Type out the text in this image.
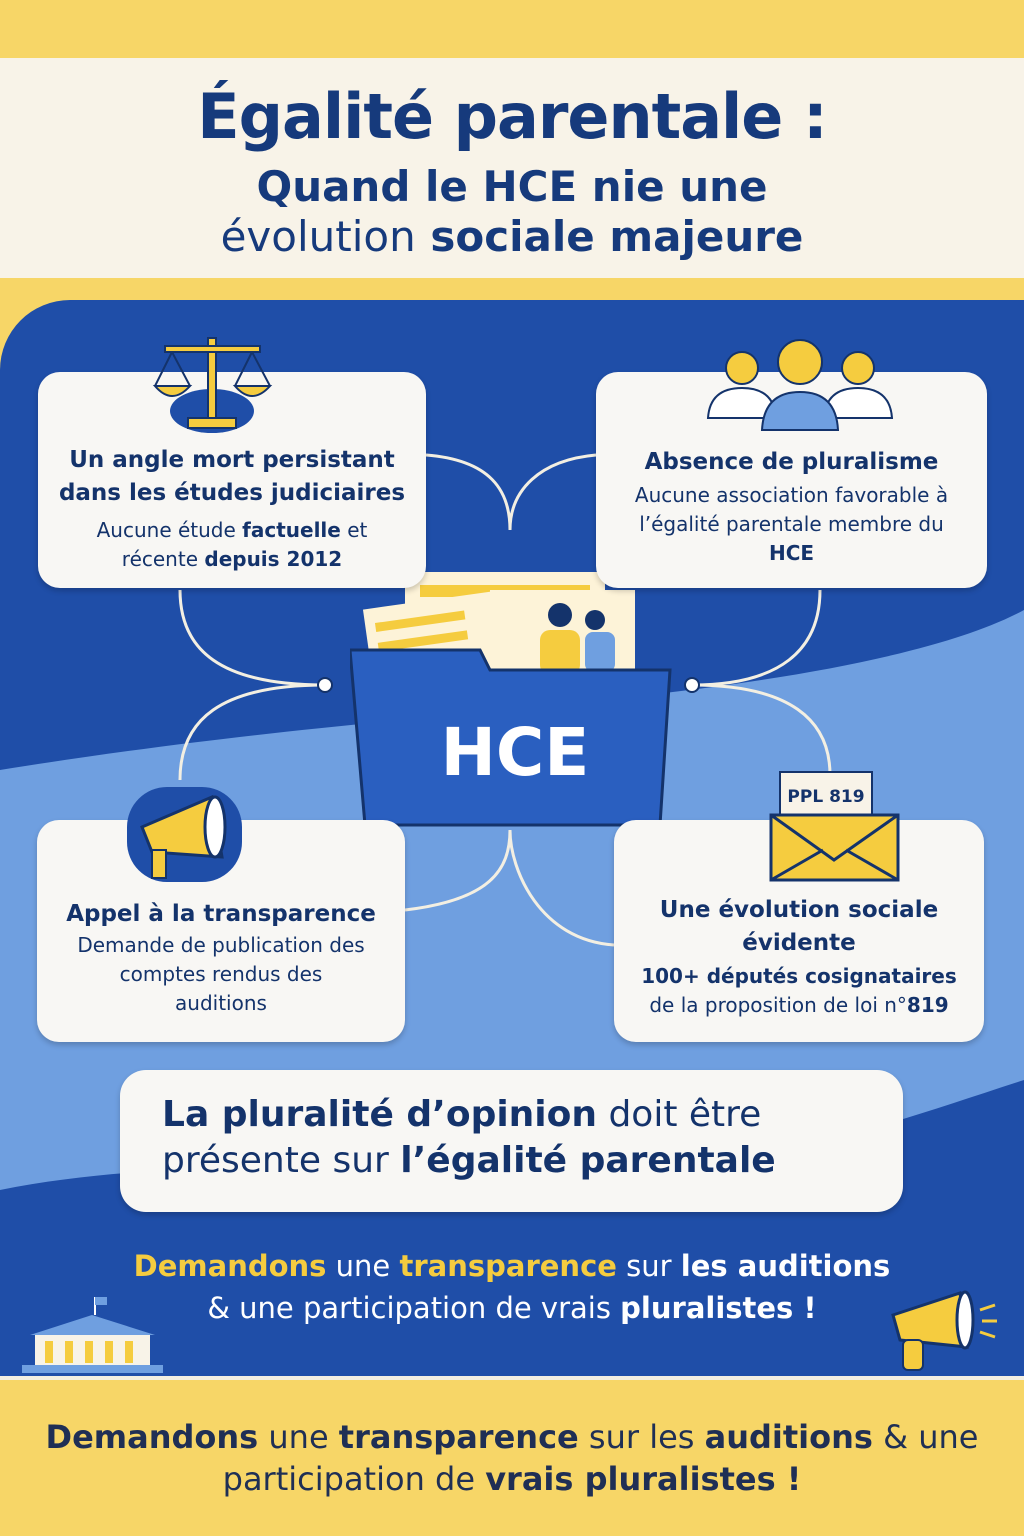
Égalité parentale :
Quand le HCE nie une
évolution sociale majeure
HCE
Un angle mort persistant dans les études judiciaires

Aucune étude factuelle et récente depuis 2012

Absence de pluralisme

Aucune association favorable à l’égalité parentale membre du HCE

Appel à la transparence

Demande de publication des comptes rendus des auditions

Une évolution sociale évidente

100+ députés cosignataires
de la proposition de loi n°819

PPL 819
La pluralité d’opinion doit être présente sur l’égalité parentale
Demandons une transparence sur les auditions
& une participation de vrais pluralistes !
Demandons une transparence sur les auditions & une participation de vrais pluralistes !
